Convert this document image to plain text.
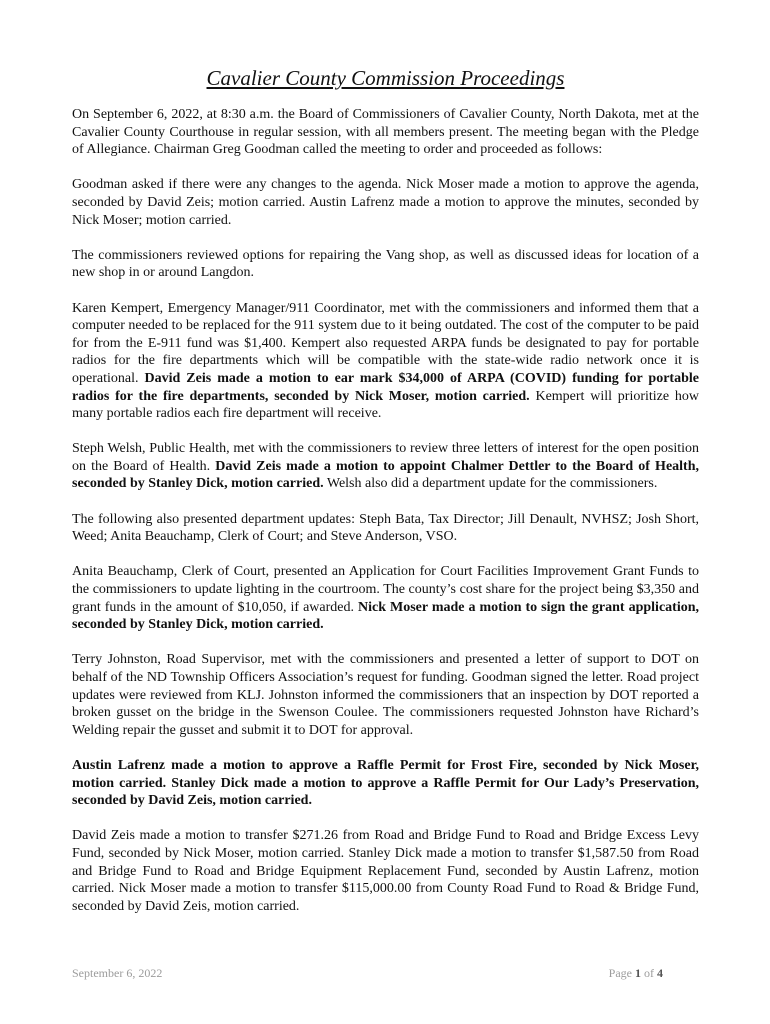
Cavalier County Commission Proceedings

On September 6, 2022, at 8:30 a.m. the Board of Commissioners of Cavalier County, North Dakota, met at the Cavalier County Courthouse in regular session, with all members present. The meeting began with the Pledge of Allegiance. Chairman Greg Goodman called the meeting to order and proceeded as follows:

Goodman asked if there were any changes to the agenda. Nick Moser made a motion to approve the agenda, seconded by David Zeis; motion carried. Austin Lafrenz made a motion to approve the minutes, seconded by Nick Moser; motion carried.

The commissioners reviewed options for repairing the Vang shop, as well as discussed ideas for location of a new shop in or around Langdon.

Karen Kempert, Emergency Manager/911 Coordinator, met with the commissioners and informed them that a computer needed to be replaced for the 911 system due to it being outdated. The cost of the computer to be paid for from the E-911 fund was $1,400. Kempert also requested ARPA funds be designated to pay for portable radios for the fire departments which will be compatible with the state-wide radio network once it is operational. David Zeis made a motion to ear mark $34,000 of ARPA (COVID) funding for portable radios for the fire departments, seconded by Nick Moser, motion carried. Kempert will prioritize how many portable radios each fire department will receive.

Steph Welsh, Public Health, met with the commissioners to review three letters of interest for the open position on the Board of Health. David Zeis made a motion to appoint Chalmer Dettler to the Board of Health, seconded by Stanley Dick, motion carried. Welsh also did a department update for the commissioners.

The following also presented department updates: Steph Bata, Tax Director; Jill Denault, NVHSZ; Josh Short, Weed; Anita Beauchamp, Clerk of Court; and Steve Anderson, VSO.

Anita Beauchamp, Clerk of Court, presented an Application for Court Facilities Improvement Grant Funds to the commissioners to update lighting in the courtroom. The county’s cost share for the project being $3,350 and grant funds in the amount of $10,050, if awarded. Nick Moser made a motion to sign the grant application, seconded by Stanley Dick, motion carried.

Terry Johnston, Road Supervisor, met with the commissioners and presented a letter of support to DOT on behalf of the ND Township Officers Association’s request for funding. Goodman signed the letter. Road project updates were reviewed from KLJ. Johnston informed the commissioners that an inspection by DOT reported a broken gusset on the bridge in the Swenson Coulee. The commissioners requested Johnston have Richard’s Welding repair the gusset and submit it to DOT for approval.

Austin Lafrenz made a motion to approve a Raffle Permit for Frost Fire, seconded by Nick Moser, motion carried. Stanley Dick made a motion to approve a Raffle Permit for Our Lady’s Preservation, seconded by David Zeis, motion carried.

David Zeis made a motion to transfer $271.26 from Road and Bridge Fund to Road and Bridge Excess Levy Fund, seconded by Nick Moser, motion carried. Stanley Dick made a motion to transfer $1,587.50 from Road and Bridge Fund to Road and Bridge Equipment Replacement Fund, seconded by Austin Lafrenz, motion carried. Nick Moser made a motion to transfer $115,000.00 from County Road Fund to Road & Bridge Fund, seconded by David Zeis, motion carried.

September 6, 2022	Page 1 of 4
